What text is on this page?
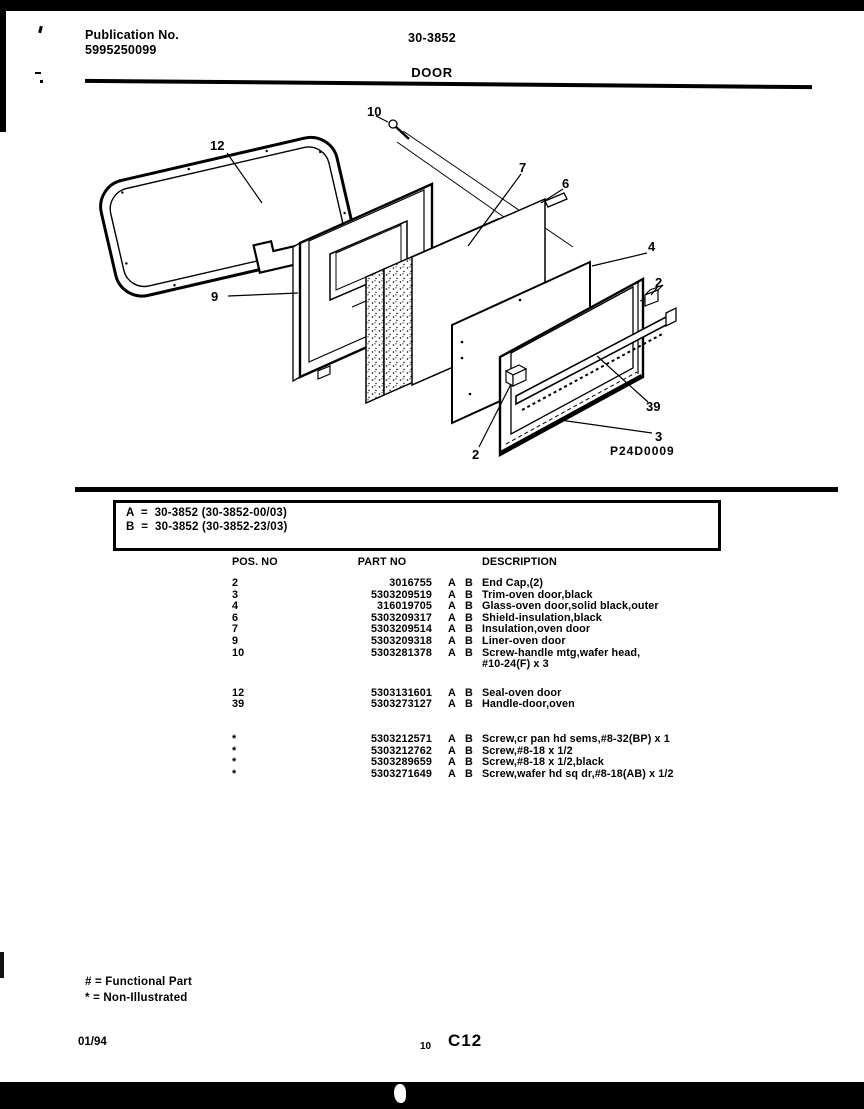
Publication No.
5995250099
30-3852
DOOR
12
10
7
6
4
2
9
39
3
2	P24D0009
A  =  30-3852 (30-3852-00/03)
B  =  30-3852 (30-3852-23/03)
POS. NO	PART NO	DESCRIPTION
2	3016755 A B End Cap,(2)
3	5303209519 A B Trim-oven door,black
4	316019705 A B Glass-oven door,solid black,outer
6	5303209317 A B Shield-insulation,black
7	5303209514 A B Insulation,oven door
9	5303209318 A B Liner-oven door
10	5303281378 A B Screw-handle mtg,wafer head,
#10-24(F) x 3
12	5303131601 A B Seal-oven door
39	5303273127 A B Handle-door,oven
*	5303212571 A B Screw,cr pan hd sems,#8-32(BP) x 1
*	5303212762 A B Screw,#8-18 x 1/2
*	5303289659 A B Screw,#8-18 x 1/2,black
*	5303271649 A B Screw,wafer hd sq dr,#8-18(AB) x 1/2
# = Functional Part
* = Non-Illustrated
01/94	10 C12
